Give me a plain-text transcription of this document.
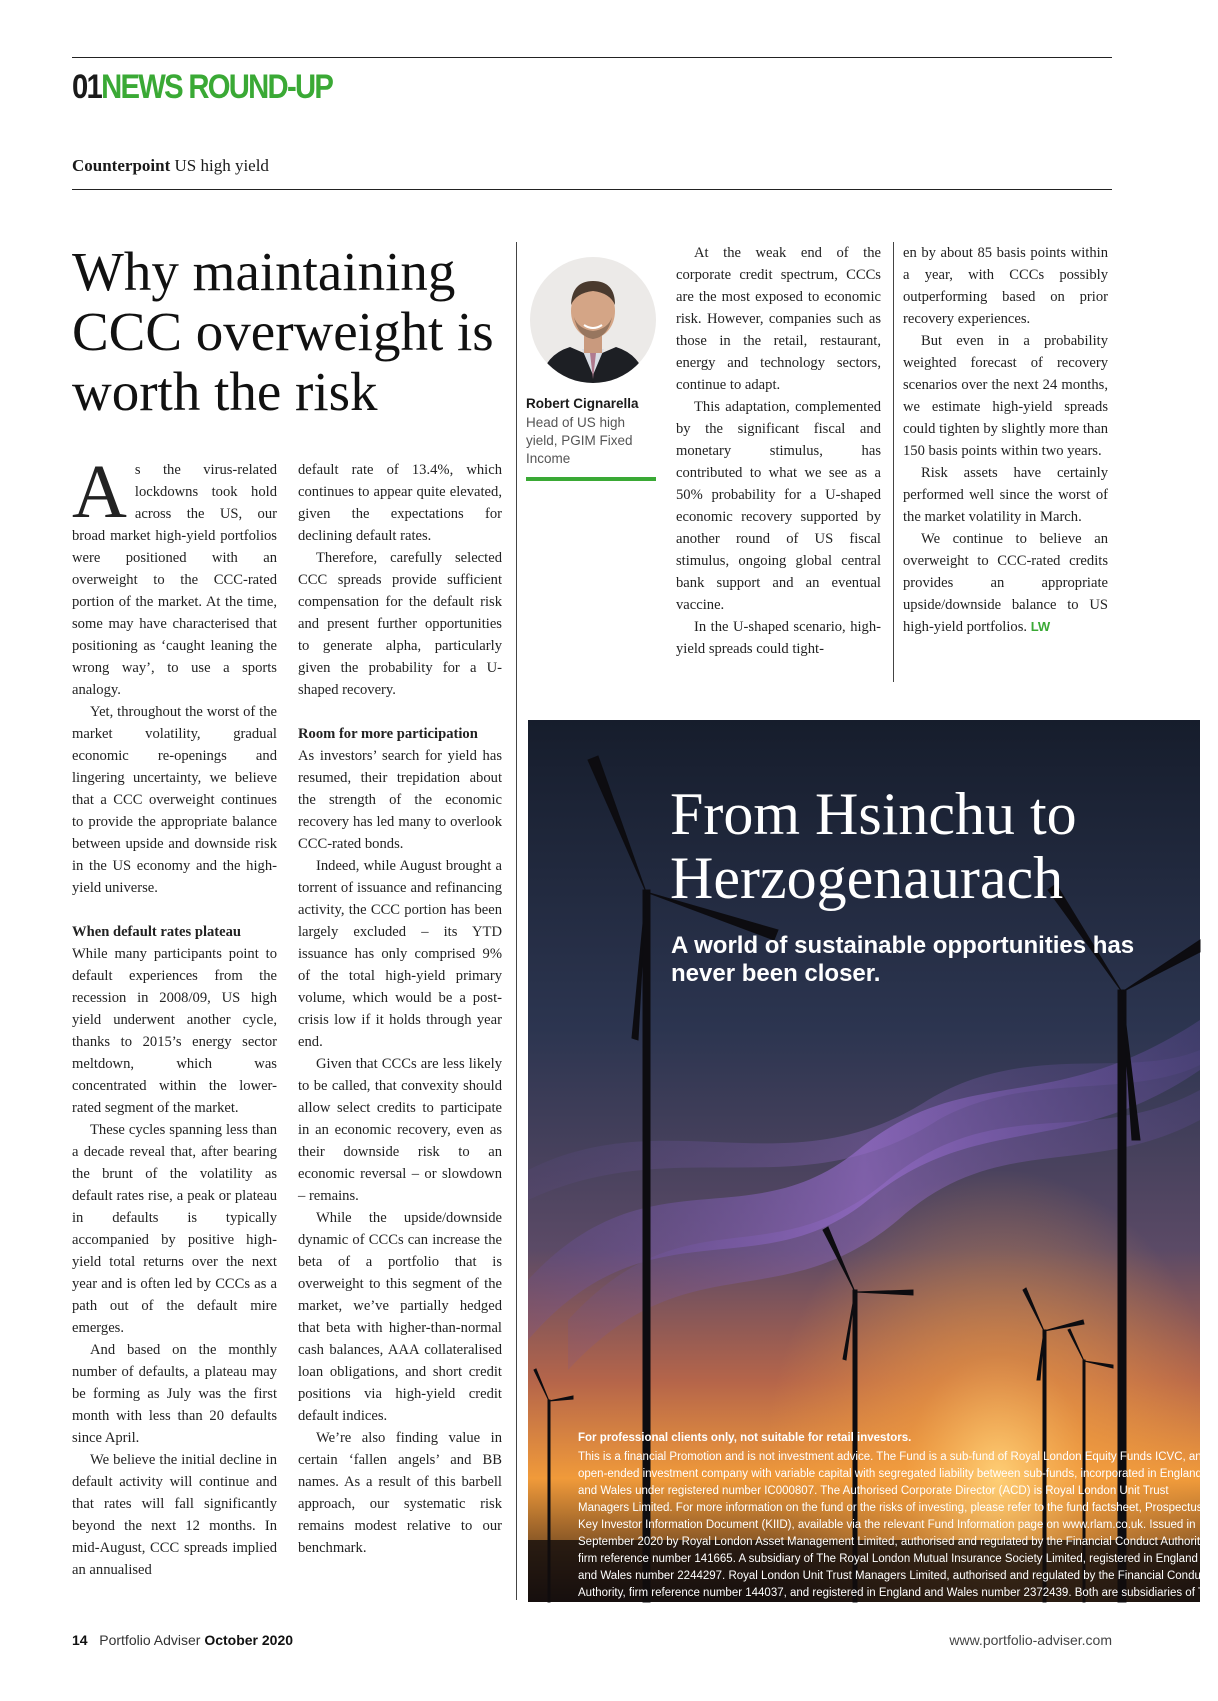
01NEWS ROUND-UP
Counterpoint US high yield
Why maintaining CCC overweight is worth the risk

As the virus-related lockdowns took hold across the US, our broad market high-yield portfolios were positioned with an overweight to the CCC-rated portion of the market. At the time, some may have characterised that positioning as ‘caught leaning the wrong way’, to use a sports analogy.

Yet, throughout the worst of the market volatility, gradual economic re-openings and lingering uncertainty, we believe that a CCC overweight continues to provide the appropriate balance between upside and downside risk in the US economy and the high-yield universe.

When default rates plateau

While many participants point to default experiences from the recession in 2008/09, US high yield underwent another cycle, thanks to 2015’s energy sector meltdown, which was concentrated within the lower-rated segment of the market.

These cycles spanning less than a decade reveal that, after bearing the brunt of the volatility as default rates rise, a peak or plateau in defaults is typically accompanied by positive high-yield total returns over the next year and is often led by CCCs as a path out of the default mire emerges.

And based on the monthly number of defaults, a plateau may be forming as July was the first month with less than 20 defaults since April.

We believe the initial decline in default activity will continue and that rates will fall significantly beyond the next 12 months. In mid-August, CCC spreads implied an annualised

default rate of 13.4%, which continues to appear quite elevated, given the expectations for declining default rates.

Therefore, carefully selected CCC spreads provide sufficient compensation for the default risk and present further opportunities to generate alpha, particularly given the probability for a U-shaped recovery.

Room for more participation

As investors’ search for yield has resumed, their trepidation about the strength of the economic recovery has led many to overlook CCC-rated bonds.

Indeed, while August brought a torrent of issuance and refinancing activity, the CCC portion has been largely excluded – its YTD issuance has only comprised 9% of the total high-yield primary volume, which would be a post-crisis low if it holds through year end.

Given that CCCs are less likely to be called, that convexity should allow select credits to participate in an economic recovery, even as their downside risk to an economic reversal – or slowdown – remains.

While the upside/downside dynamic of CCCs can increase the beta of a portfolio that is overweight to this segment of the market, we’ve partially hedged that beta with higher-than-normal cash balances, AAA collateralised loan obligations, and short credit positions via high-yield credit default indices.

We’re also finding value in certain ‘fallen angels’ and BB names. As a result of this barbell approach, our systematic risk remains modest relative to our benchmark.

Robert Cignarella
Head of US high yield, PGIM Fixed Income

At the weak end of the corporate credit spectrum, CCCs are the most exposed to economic risk. However, companies such as those in the retail, restaurant, energy and technology sectors, continue to adapt.

This adaptation, complemented by the significant fiscal and monetary stimulus, has contributed to what we see as a 50% probability for a U-shaped economic recovery supported by another round of US fiscal stimulus, ongoing global central bank support and an eventual vaccine.

In the U-shaped scenario, high-yield spreads could tight-

en by about 85 basis points within a year, with CCCs possibly outperforming based on prior recovery experiences.

But even in a probability weighted forecast of recovery scenarios over the next 24 months, we estimate high-yield spreads could tighten by slightly more than 150 basis points within two years.

Risk assets have certainly performed well since the worst of the market volatility in March.

We continue to believe an overweight to CCC-rated credits provides an appropriate upside/downside balance to US high-yield portfolios. LW

From Hsinchu to Herzogenaurach
A world of sustainable opportunities has never been closer.
For professional clients only, not suitable for retail investors.
This is a financial Promotion and is not investment advice. The Fund is a sub-fund of Royal London Equity Funds ICVC, an open-ended investment company with variable capital with segregated liability between sub-funds, incorporated in England and Wales under registered number IC000807. The Authorised Corporate Director (ACD) is Royal London Unit Trust Managers Limited. For more information on the fund or the risks of investing, please refer to the fund factsheet, Prospectus or Key Investor Information Document (KIID), available via the relevant Fund Information page on www.rlam.co.uk. Issued in September 2020 by Royal London Asset Management Limited, authorised and regulated by the Financial Conduct Authority, firm reference number 141665. A subsidiary of The Royal London Mutual Insurance Society Limited, registered in England and Wales number 2244297. Royal London Unit Trust Managers Limited, authorised and regulated by the Financial Conduct Authority, firm reference number 144037, and registered in England and Wales number 2372439. Both are subsidiaries of The Royal London Mutual Insurance Society Limited, registered in England and Wales number 99064. Registered Office: 55 Gracechurch Street, London EC3V 0RL.
14 Portfolio Adviser October 2020	www.portfolio-adviser.com
